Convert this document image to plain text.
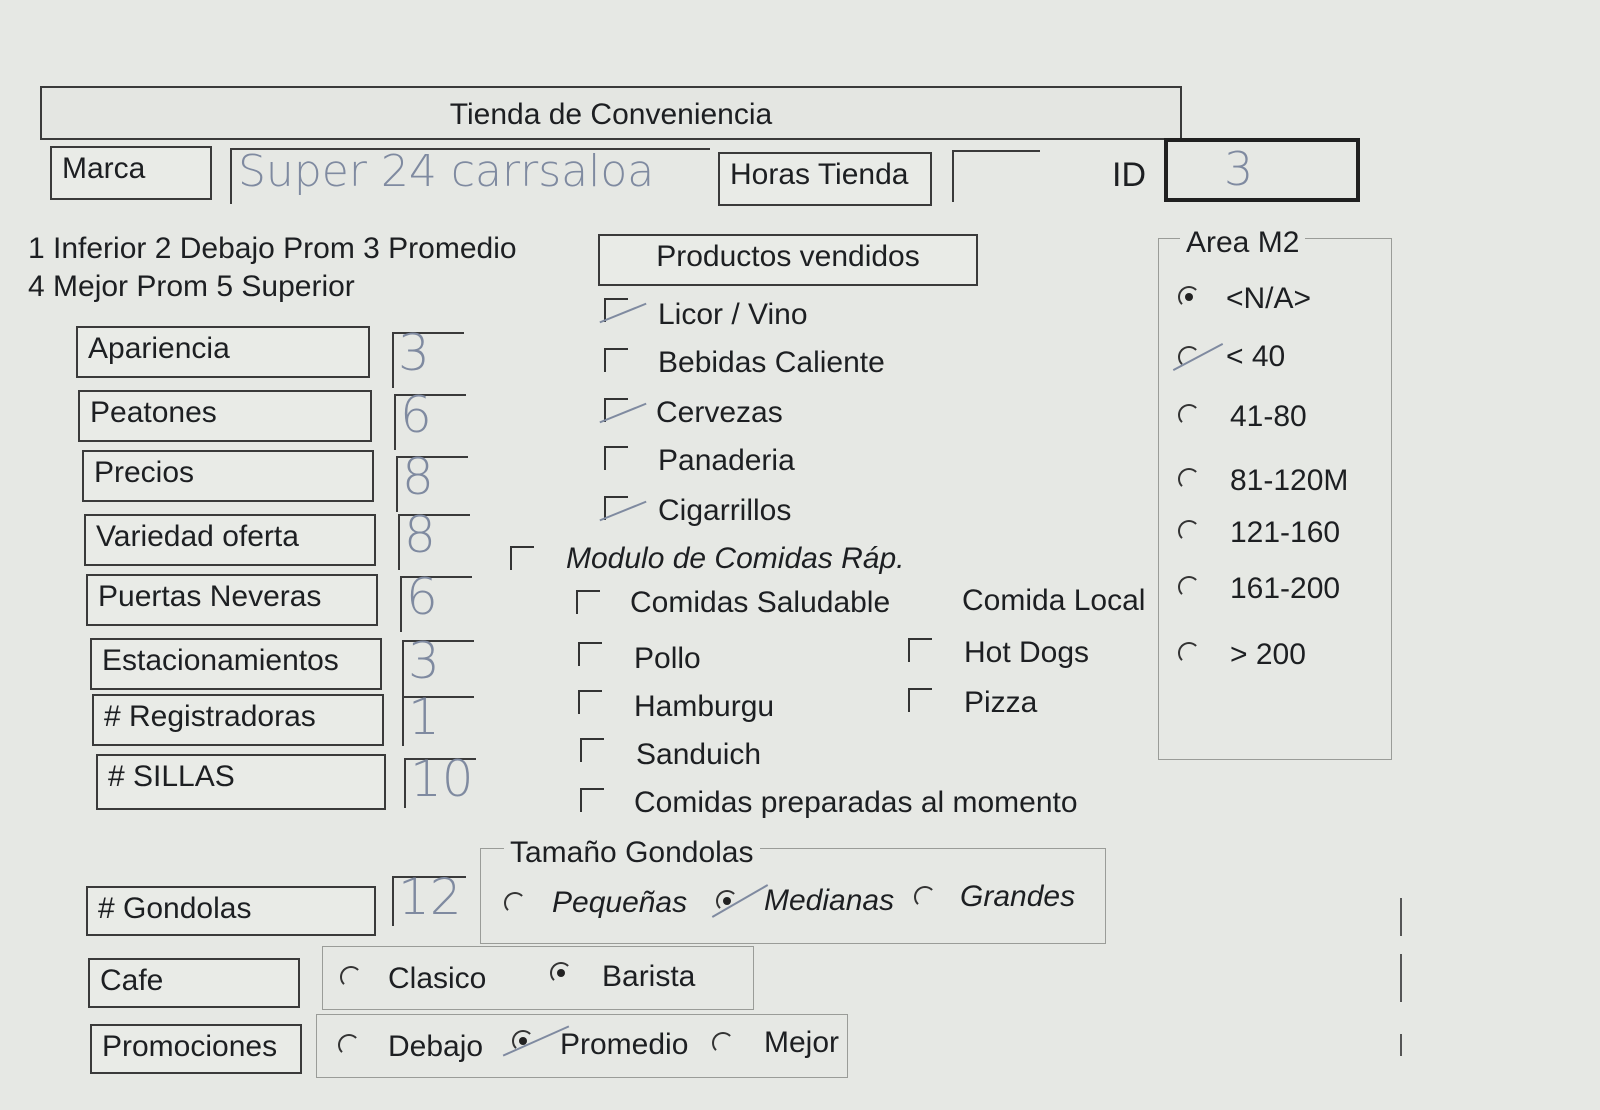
Tienda de Conveniencia
Marca	Super 24 carrsaloa	Horas Tienda	ID 3
1 Inferior 2 Debajo Prom 3 Promedio
4 Mejor Prom 5 Superior
Apariencia	3
Peatones	6
Precios	8
Variedad oferta	8
Puertas Neveras	6
Estacionamientos	3
# Registradoras	1
# SILLAS	10
Productos vendidos
Licor / Vino
Bebidas Caliente
Cervezas
Panaderia
Cigarrillos
Modulo de Comidas Ráp.
Comidas Saludable Comida Local
Pollo
Hamburgu
Sanduich
Comidas preparadas al momento
Hot Dogs
Pizza
Area M2
<N/A>
< 40
41-80
81-120M
121-160
161-200
> 200
# Gondolas	12
Tamaño Gondolas
Pequeñas	Medianas Grandes
Cafe	Clasico	Barista
Promociones	Debajo	Promedio	Mejor
